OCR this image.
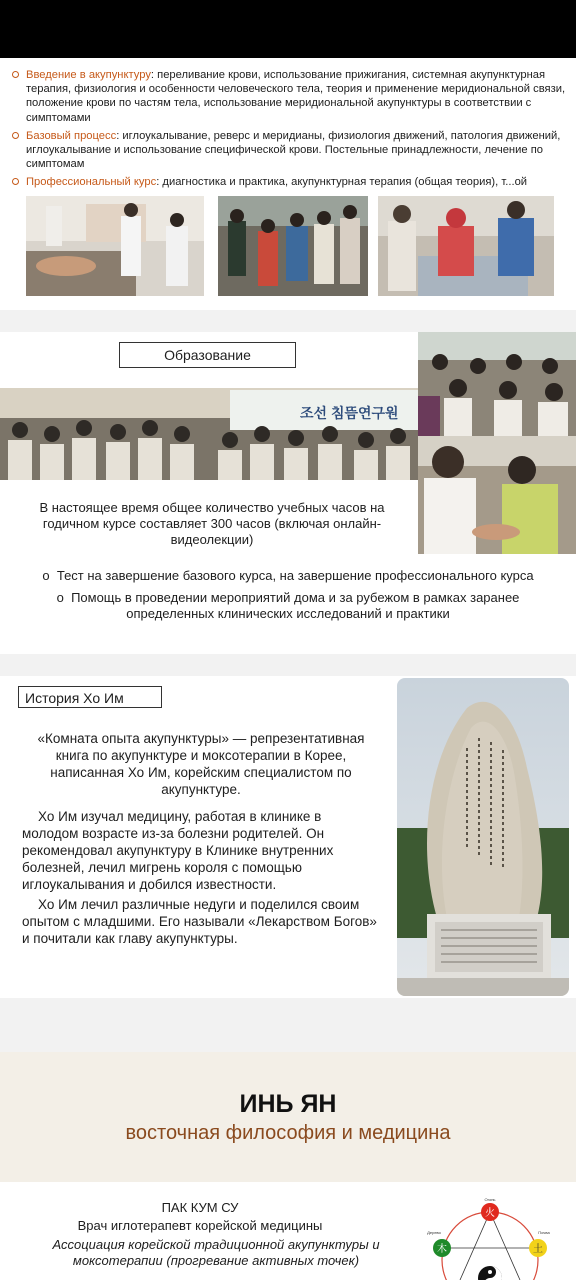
Введение в акупунктуру: переливание крови, использование прижигания, системная акупунктурная терапия, физиология и особенности человеческого тела, теория и применение меридиональной связи, положение крови по частям тела, использование меридиональной акупунктуры в соответствии с симптомами
Базовый процесс: иглоукалывание, реверс и меридианы, физиология движений, патология движений, иглоукалывание и использование специфической крови. Постельные принадлежности, лечение по симптомам
Профессиональный курс: диагностика и практика, акупунктурная терапия (общая теория), т...ой
Образование
조선 침뜸연구원
В настоящее время общее количество учебных часов на годичном курсе составляет 300 часов (включая онлайн-видеолекции)
o  Тест на завершение базового курса, на завершение профессионального курса
o  Помощь в проведении мероприятий дома и за рубежом в рамках заранее определенных клинических исследований и практики
История Хо Им
«Комната опыта акупунктуры» — репрезентативная книга по акупунктуре и моксотерапии в Корее, написанная Хо Им, корейским специалистом по акупунктуре.
Хо Им изучал медицину, работая в клинике в молодом возрасте из-за болезни родителей. Он рекомендовал акупунктуру в Клинике внутренних болезней, лечил мигрень короля с помощью иглоукалывания и добился известности.
Хо Им лечил различные недуги и поделился своим опытом с младшими. Его называли «Лекарством Богов» и почитали как главу акупунктуры.
ИНЬ ЯН
восточная философия и медицина
ПАК КУМ СУ
Врач иглотерапевт корейской медицины
Ассоциация корейской традиционной акупунктуры и моксотерапии (прогревание активных точек)
火
Огонь
木
Дерево
土
Почва
